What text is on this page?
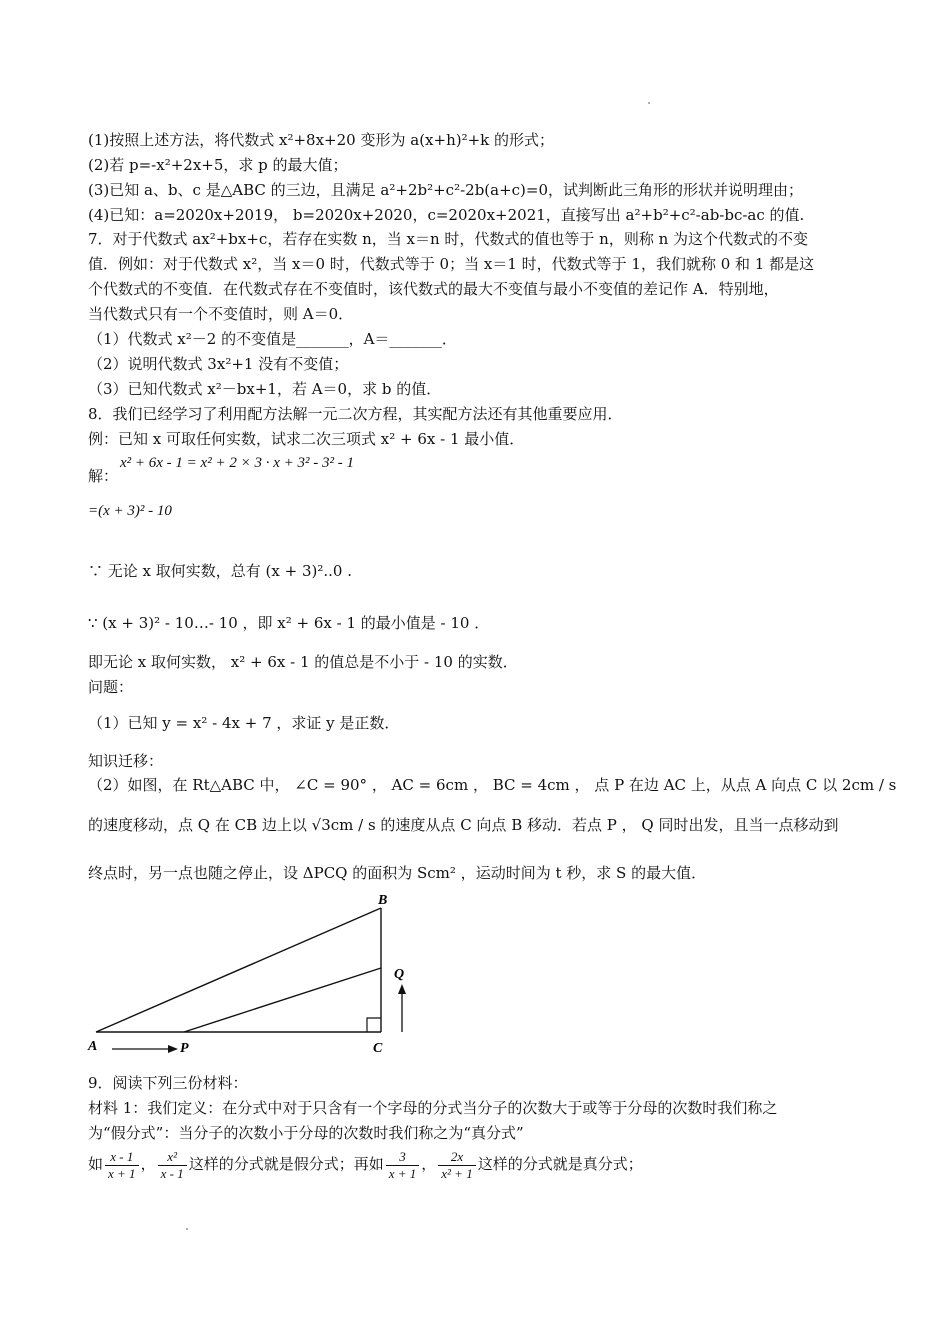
(1)按照上述方法，将代数式 x²+8x+20 变形为 a(x+h)²+k 的形式；
(2)若 p=-x²+2x+5，求 p 的最大值；
(3)已知 a、b、c 是△ABC 的三边，且满足 a²+2b²+c²-2b(a+c)=0，试判断此三角形的形状并说明理由；
(4)已知：a=2020x+2019， b=2020x+2020，c=2020x+2021，直接写出 a²+b²+c²-ab-bc-ac 的值.
7．对于代数式 ax²+bx+c，若存在实数 n，当 x＝n 时，代数式的值也等于 n，则称 n 为这个代数式的不变
值．例如：对于代数式 x²，当 x＝0 时，代数式等于 0；当 x＝1 时，代数式等于 1，我们就称 0 和 1 都是这
个代数式的不变值．在代数式存在不变值时，该代数式的最大不变值与最小不变值的差记作 A．特别地，
当代数式只有一个不变值时，则 A＝0．
（1）代数式 x²－2 的不变值是_______，A＝_______．
（2）说明代数式 3x²+1 没有不变值；
（3）已知代数式 x²－bx+1，若 A＝0，求 b 的值．
8．我们已经学习了利用配方法解一元二次方程，其实配方法还有其他重要应用．
例：已知 x 可取任何实数，试求二次三项式 x² + 6x - 1 最小值．
x² + 6x - 1 = x² + 2 × 3 · x + 3² - 3² - 1
解：
=(x + 3)² - 10
∵ 无论 x 取何实数，总有 (x + 3)²..0 .
∵ (x + 3)² - 10…- 10 ，即 x² + 6x - 1 的最小值是 - 10 ．
即无论 x 取何实数， x² + 6x - 1 的值总是不小于 - 10 的实数．
问题：
（1）已知 y = x² - 4x + 7 ，求证 y 是正数．
知识迁移：
（2）如图，在 Rt△ABC 中， ∠C = 90° ， AC = 6cm ， BC = 4cm ， 点 P 在边 AC 上，从点 A 向点 C 以 2cm / s
的速度移动，点 Q 在 CB 边上以 √3cm / s 的速度从点 C 向点 B 移动．若点 P ， Q 同时出发，且当一点移动到
终点时，另一点也随之停止，设 ΔPCQ 的面积为 Scm² ，运动时间为 t 秒，求 S 的最大值．
A
B
C
P
Q
9．阅读下列三份材料：
材料 1：我们定义：在分式中对于只含有一个字母的分式当分子的次数大于或等于分母的次数时我们称之
为“假分式”：当分子的次数小于分母的次数时我们称之为“真分式”
如 $\frac{x - 1}{x + 1}$ ， $\frac{\text{x²}}{x - 1}$ 这样的分式就是假分式；再如 $\frac{3}{x + 1}$ ， $\frac{2x}{\text{x² + 1}}$ 这样的分式就是真分式；
